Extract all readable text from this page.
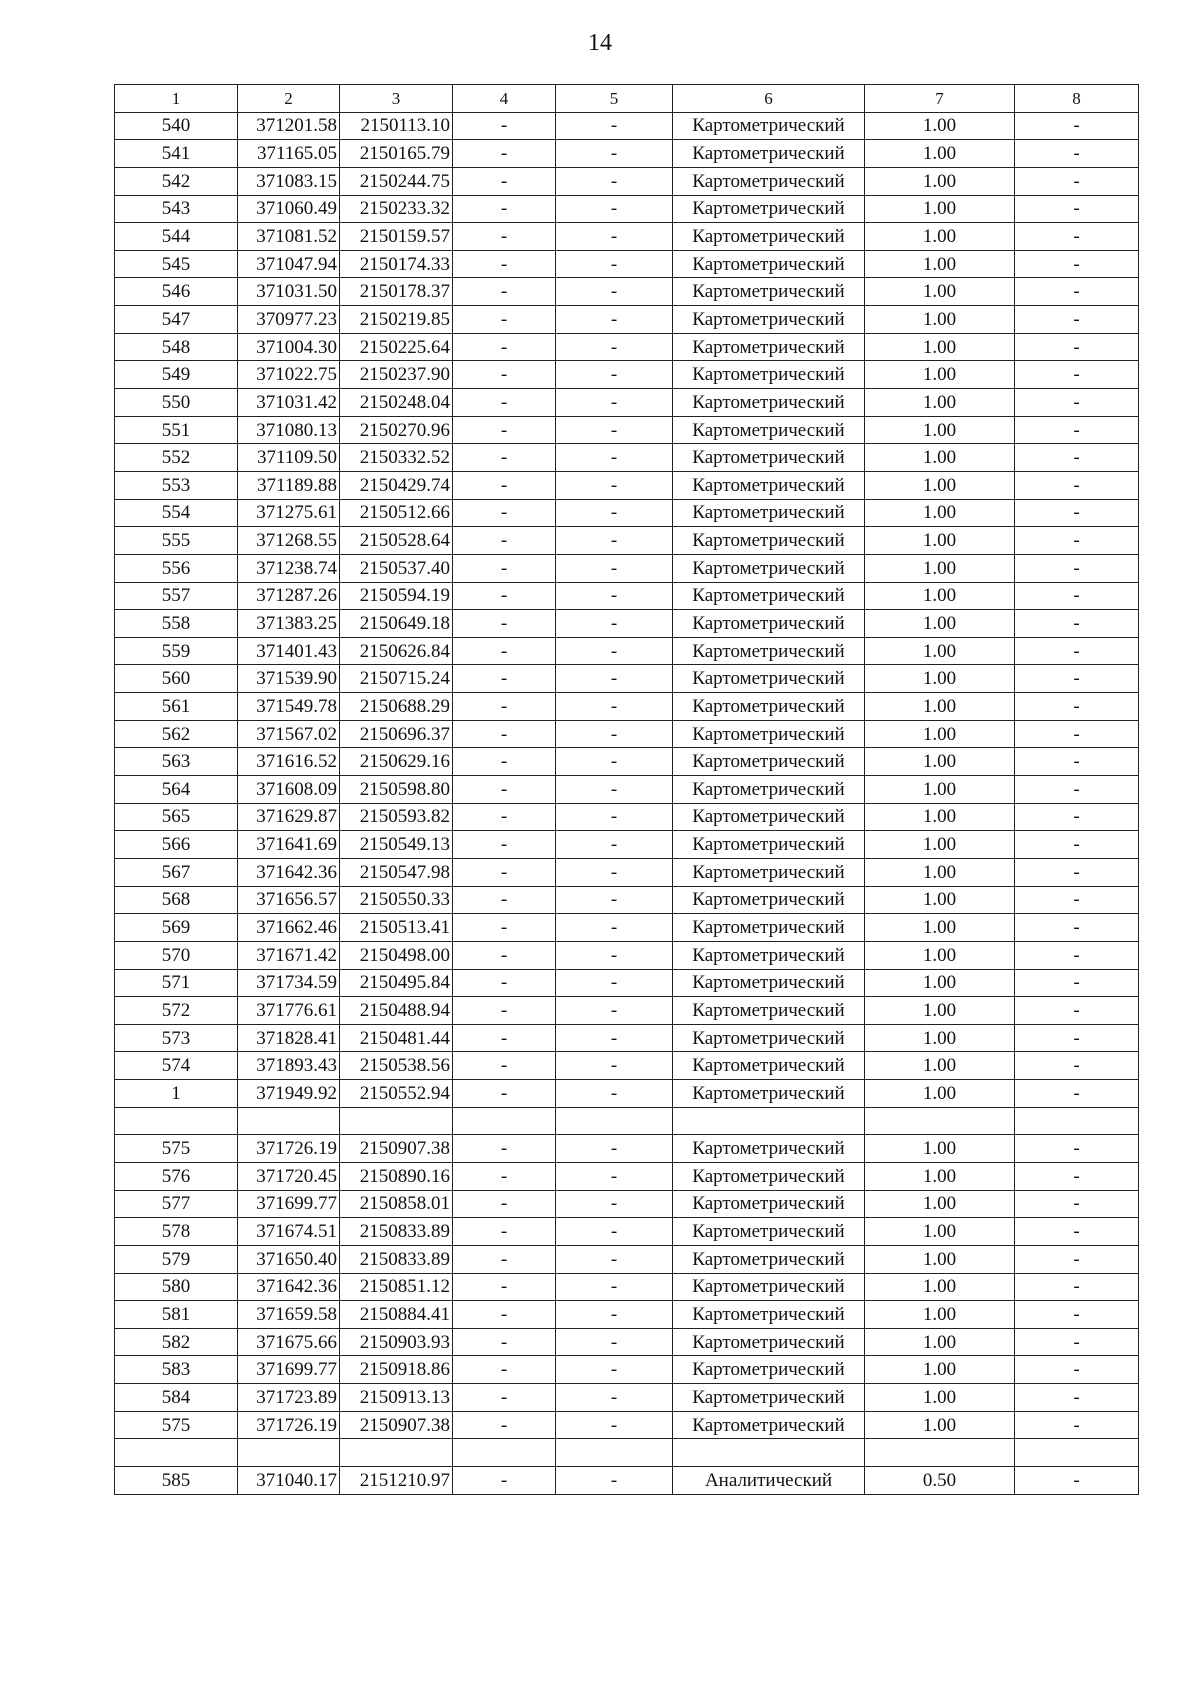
14
1	2	3	4	5	6	7	8
540	371201.58	2150113.10	-	-	Картометрический	1.00	-
541	371165.05	2150165.79	-	-	Картометрический	1.00	-
542	371083.15	2150244.75	-	-	Картометрический	1.00	-
543	371060.49	2150233.32	-	-	Картометрический	1.00	-
544	371081.52	2150159.57	-	-	Картометрический	1.00	-
545	371047.94	2150174.33	-	-	Картометрический	1.00	-
546	371031.50	2150178.37	-	-	Картометрический	1.00	-
547	370977.23	2150219.85	-	-	Картометрический	1.00	-
548	371004.30	2150225.64	-	-	Картометрический	1.00	-
549	371022.75	2150237.90	-	-	Картометрический	1.00	-
550	371031.42	2150248.04	-	-	Картометрический	1.00	-
551	371080.13	2150270.96	-	-	Картометрический	1.00	-
552	371109.50	2150332.52	-	-	Картометрический	1.00	-
553	371189.88	2150429.74	-	-	Картометрический	1.00	-
554	371275.61	2150512.66	-	-	Картометрический	1.00	-
555	371268.55	2150528.64	-	-	Картометрический	1.00	-
556	371238.74	2150537.40	-	-	Картометрический	1.00	-
557	371287.26	2150594.19	-	-	Картометрический	1.00	-
558	371383.25	2150649.18	-	-	Картометрический	1.00	-
559	371401.43	2150626.84	-	-	Картометрический	1.00	-
560	371539.90	2150715.24	-	-	Картометрический	1.00	-
561	371549.78	2150688.29	-	-	Картометрический	1.00	-
562	371567.02	2150696.37	-	-	Картометрический	1.00	-
563	371616.52	2150629.16	-	-	Картометрический	1.00	-
564	371608.09	2150598.80	-	-	Картометрический	1.00	-
565	371629.87	2150593.82	-	-	Картометрический	1.00	-
566	371641.69	2150549.13	-	-	Картометрический	1.00	-
567	371642.36	2150547.98	-	-	Картометрический	1.00	-
568	371656.57	2150550.33	-	-	Картометрический	1.00	-
569	371662.46	2150513.41	-	-	Картометрический	1.00	-
570	371671.42	2150498.00	-	-	Картометрический	1.00	-
571	371734.59	2150495.84	-	-	Картометрический	1.00	-
572	371776.61	2150488.94	-	-	Картометрический	1.00	-
573	371828.41	2150481.44	-	-	Картометрический	1.00	-
574	371893.43	2150538.56	-	-	Картометрический	1.00	-
1	371949.92	2150552.94	-	-	Картометрический	1.00	-

575	371726.19	2150907.38	-	-	Картометрический	1.00	-
576	371720.45	2150890.16	-	-	Картометрический	1.00	-
577	371699.77	2150858.01	-	-	Картометрический	1.00	-
578	371674.51	2150833.89	-	-	Картометрический	1.00	-
579	371650.40	2150833.89	-	-	Картометрический	1.00	-
580	371642.36	2150851.12	-	-	Картометрический	1.00	-
581	371659.58	2150884.41	-	-	Картометрический	1.00	-
582	371675.66	2150903.93	-	-	Картометрический	1.00	-
583	371699.77	2150918.86	-	-	Картометрический	1.00	-
584	371723.89	2150913.13	-	-	Картометрический	1.00	-
575	371726.19	2150907.38	-	-	Картометрический	1.00	-

585	371040.17	2151210.97	-	-	Аналитический	0.50	-
